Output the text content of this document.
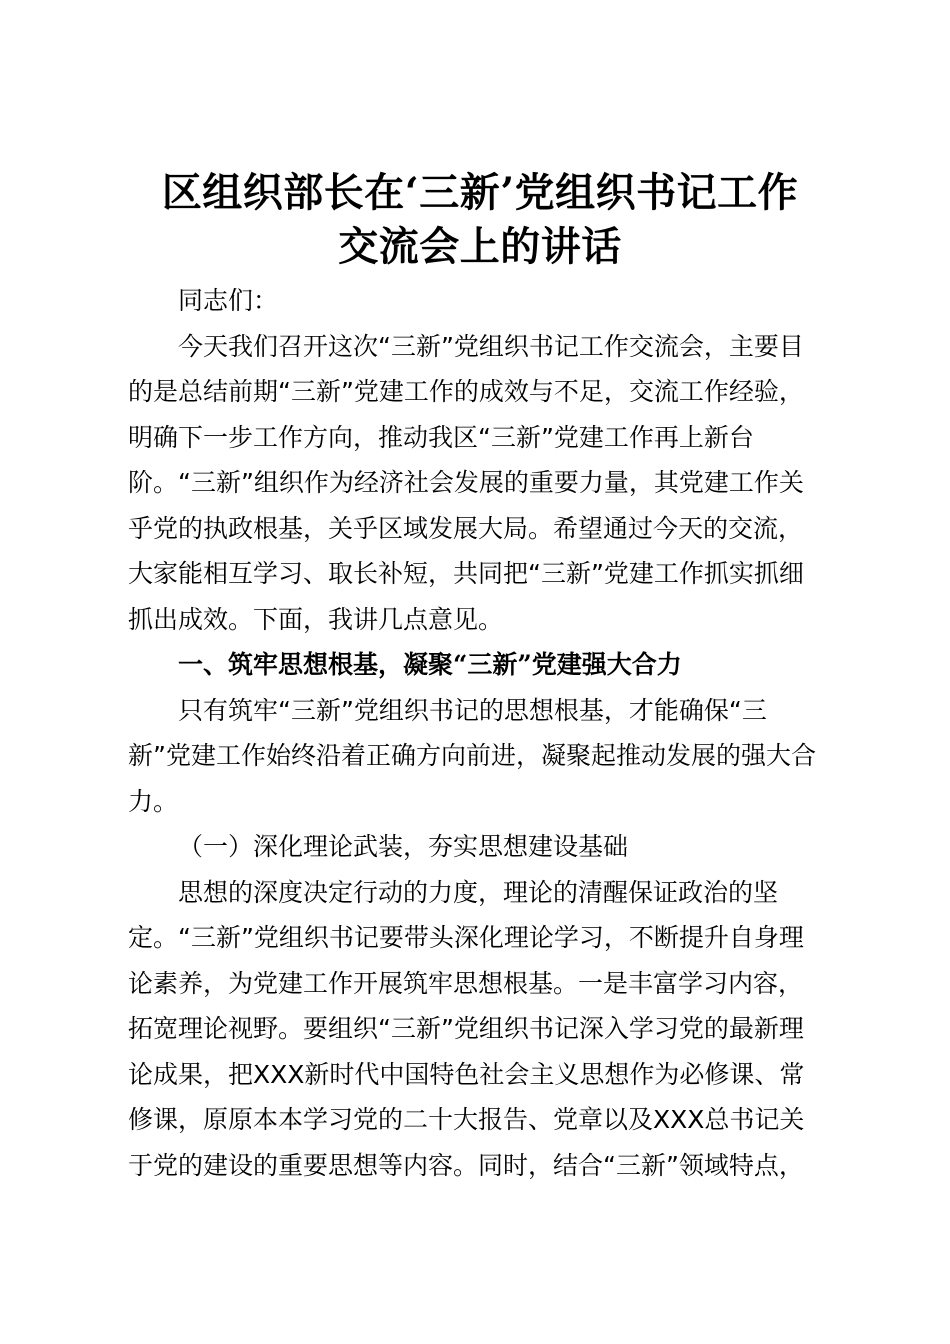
区组织部长在‘三新’党组织书记工作
交流会上的讲话
同志们：
今天我们召开这次“三新”党组织书记工作交流会，主要目
的是总结前期“三新”党建工作的成效与不足，交流工作经验，
明确下一步工作方向，推动我区“三新”党建工作再上新台
阶。“三新”组织作为经济社会发展的重要力量，其党建工作关
乎党的执政根基，关乎区域发展大局。希望通过今天的交流，
大家能相互学习、取长补短，共同把“三新”党建工作抓实抓细
抓出成效。下面，我讲几点意见。
一、筑牢思想根基，凝聚“三新”党建强大合力
只有筑牢“三新”党组织书记的思想根基，才能确保“三
新”党建工作始终沿着正确方向前进，凝聚起推动发展的强大合
力。
（一）深化理论武装，夯实思想建设基础
思想的深度决定行动的力度，理论的清醒保证政治的坚
定。“三新”党组织书记要带头深化理论学习，不断提升自身理
论素养，为党建工作开展筑牢思想根基。一是丰富学习内容，
拓宽理论视野。要组织“三新”党组织书记深入学习党的最新理
论成果，把XXX新时代中国特色社会主义思想作为必修课、常
修课，原原本本学习党的二十大报告、党章以及XXX总书记关
于党的建设的重要思想等内容。同时，结合“三新”领域特点，
